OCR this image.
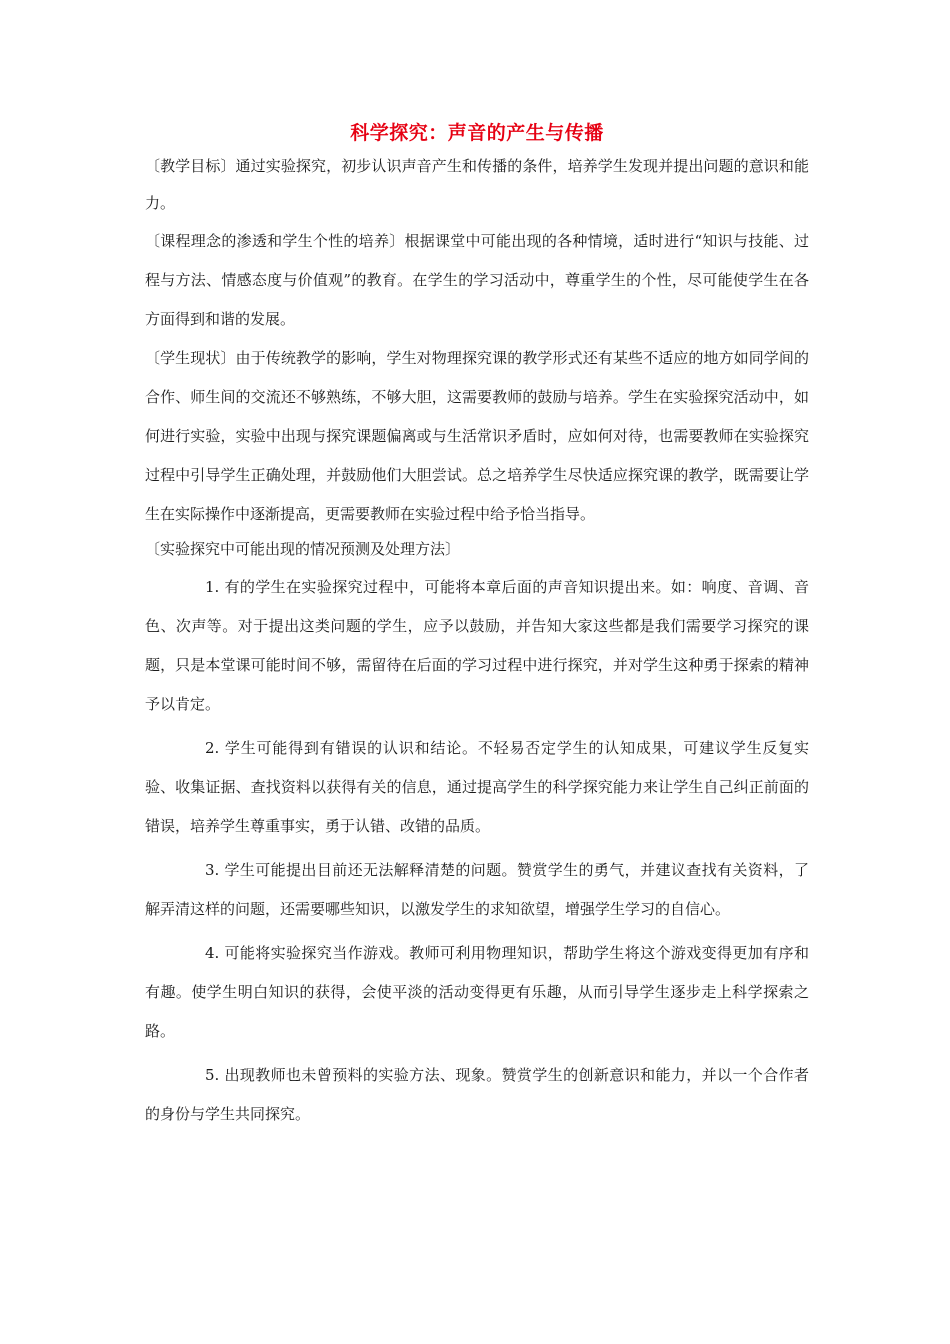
科学探究：声音的产生与传播

〔教学目标〕通过实验探究，初步认识声音产生和传播的条件，培养学生发现并提出问题的意识和能力。

〔课程理念的渗透和学生个性的培养〕根据课堂中可能出现的各种情境，适时进行“知识与技能、过程与方法、情感态度与价值观”的教育。在学生的学习活动中，尊重学生的个性，尽可能使学生在各方面得到和谐的发展。

〔学生现状〕由于传统教学的影响，学生对物理探究课的教学形式还有某些不适应的地方如同学间的合作、师生间的交流还不够熟练，不够大胆，这需要教师的鼓励与培养。学生在实验探究活动中，如何进行实验，实验中出现与探究课题偏离或与生活常识矛盾时，应如何对待，也需要教师在实验探究过程中引导学生正确处理，并鼓励他们大胆尝试。总之培养学生尽快适应探究课的教学，既需要让学生在实际操作中逐渐提高，更需要教师在实验过程中给予恰当指导。

〔实验探究中可能出现的情况预测及处理方法〕

1. 有的学生在实验探究过程中，可能将本章后面的声音知识提出来。如：响度、音调、音色、次声等。对于提出这类问题的学生，应予以鼓励，并告知大家这些都是我们需要学习探究的课题，只是本堂课可能时间不够，需留待在后面的学习过程中进行探究，并对学生这种勇于探索的精神予以肯定。

2. 学生可能得到有错误的认识和结论。不轻易否定学生的认知成果，可建议学生反复实验、收集证据、查找资料以获得有关的信息，通过提高学生的科学探究能力来让学生自己纠正前面的错误，培养学生尊重事实，勇于认错、改错的品质。

3. 学生可能提出目前还无法解释清楚的问题。赞赏学生的勇气，并建议查找有关资料，了解弄清这样的问题，还需要哪些知识，以激发学生的求知欲望，增强学生学习的自信心。

4. 可能将实验探究当作游戏。教师可利用物理知识，帮助学生将这个游戏变得更加有序和有趣。使学生明白知识的获得，会使平淡的活动变得更有乐趣，从而引导学生逐步走上科学探索之路。

5. 出现教师也未曾预料的实验方法、现象。赞赏学生的创新意识和能力，并以一个合作者的身份与学生共同探究。
